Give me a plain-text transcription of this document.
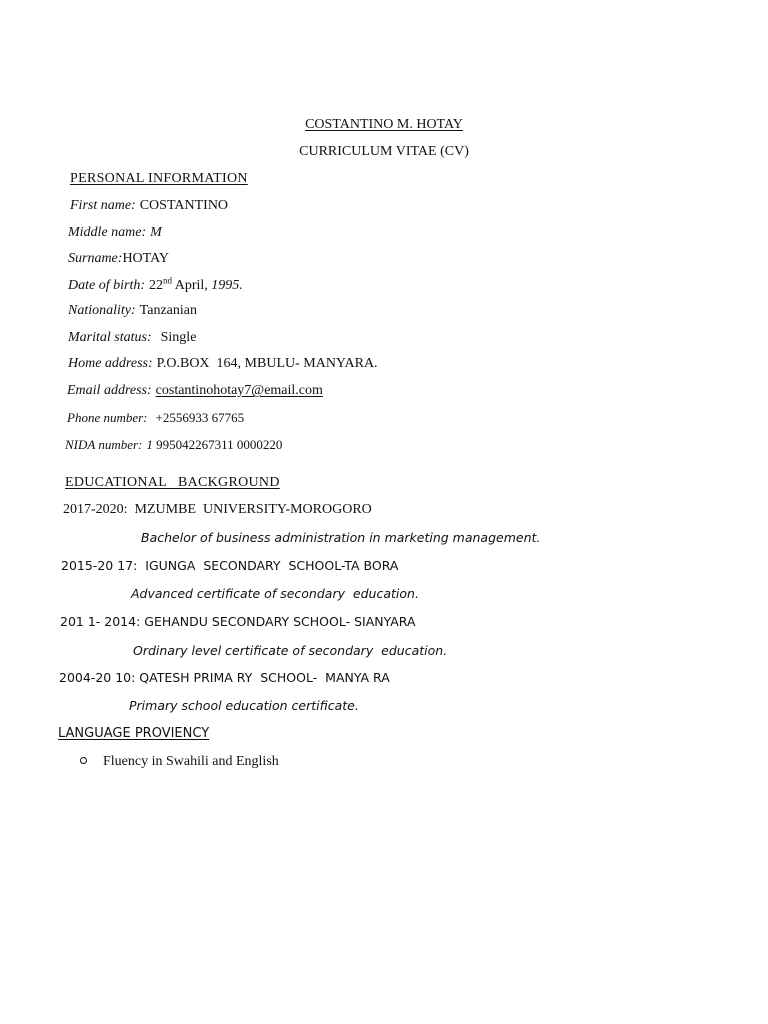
COSTANTINO M. HOTAY
CURRICULUM VITAE (CV)
PERSONAL INFORMATION
First name: COSTANTINO
Middle name: M
Surname:HOTAY
Date of birth: 22nd April, 1995.
Nationality: Tanzanian
Marital status: Single
Home address: P.O.BOX  164, MBULU- MANYARA.
Email address: costantinohotay7@email.com
Phone number: +2556933 67765
NIDA number: 1 995042267311 0000220
EDUCATIONAL   BACKGROUND
2017-2020:  MZUMBE  UNIVERSITY-MOROGORO
Bachelor of business administration in marketing management.
2015-20 17:  IGUNGA  SECONDARY  SCHOOL-TA BORA
Advanced certificate of secondary  education.
201 1- 2014: GEHANDU SECONDARY SCHOOL- SIANYARA
Ordinary level certificate of secondary  education.
2004-20 10: QATESH PRIMA RY  SCHOOL-  MANYA RA
Primary school education certificate.
LANGUAGE PROVIENCY
Fluency in Swahili and English
